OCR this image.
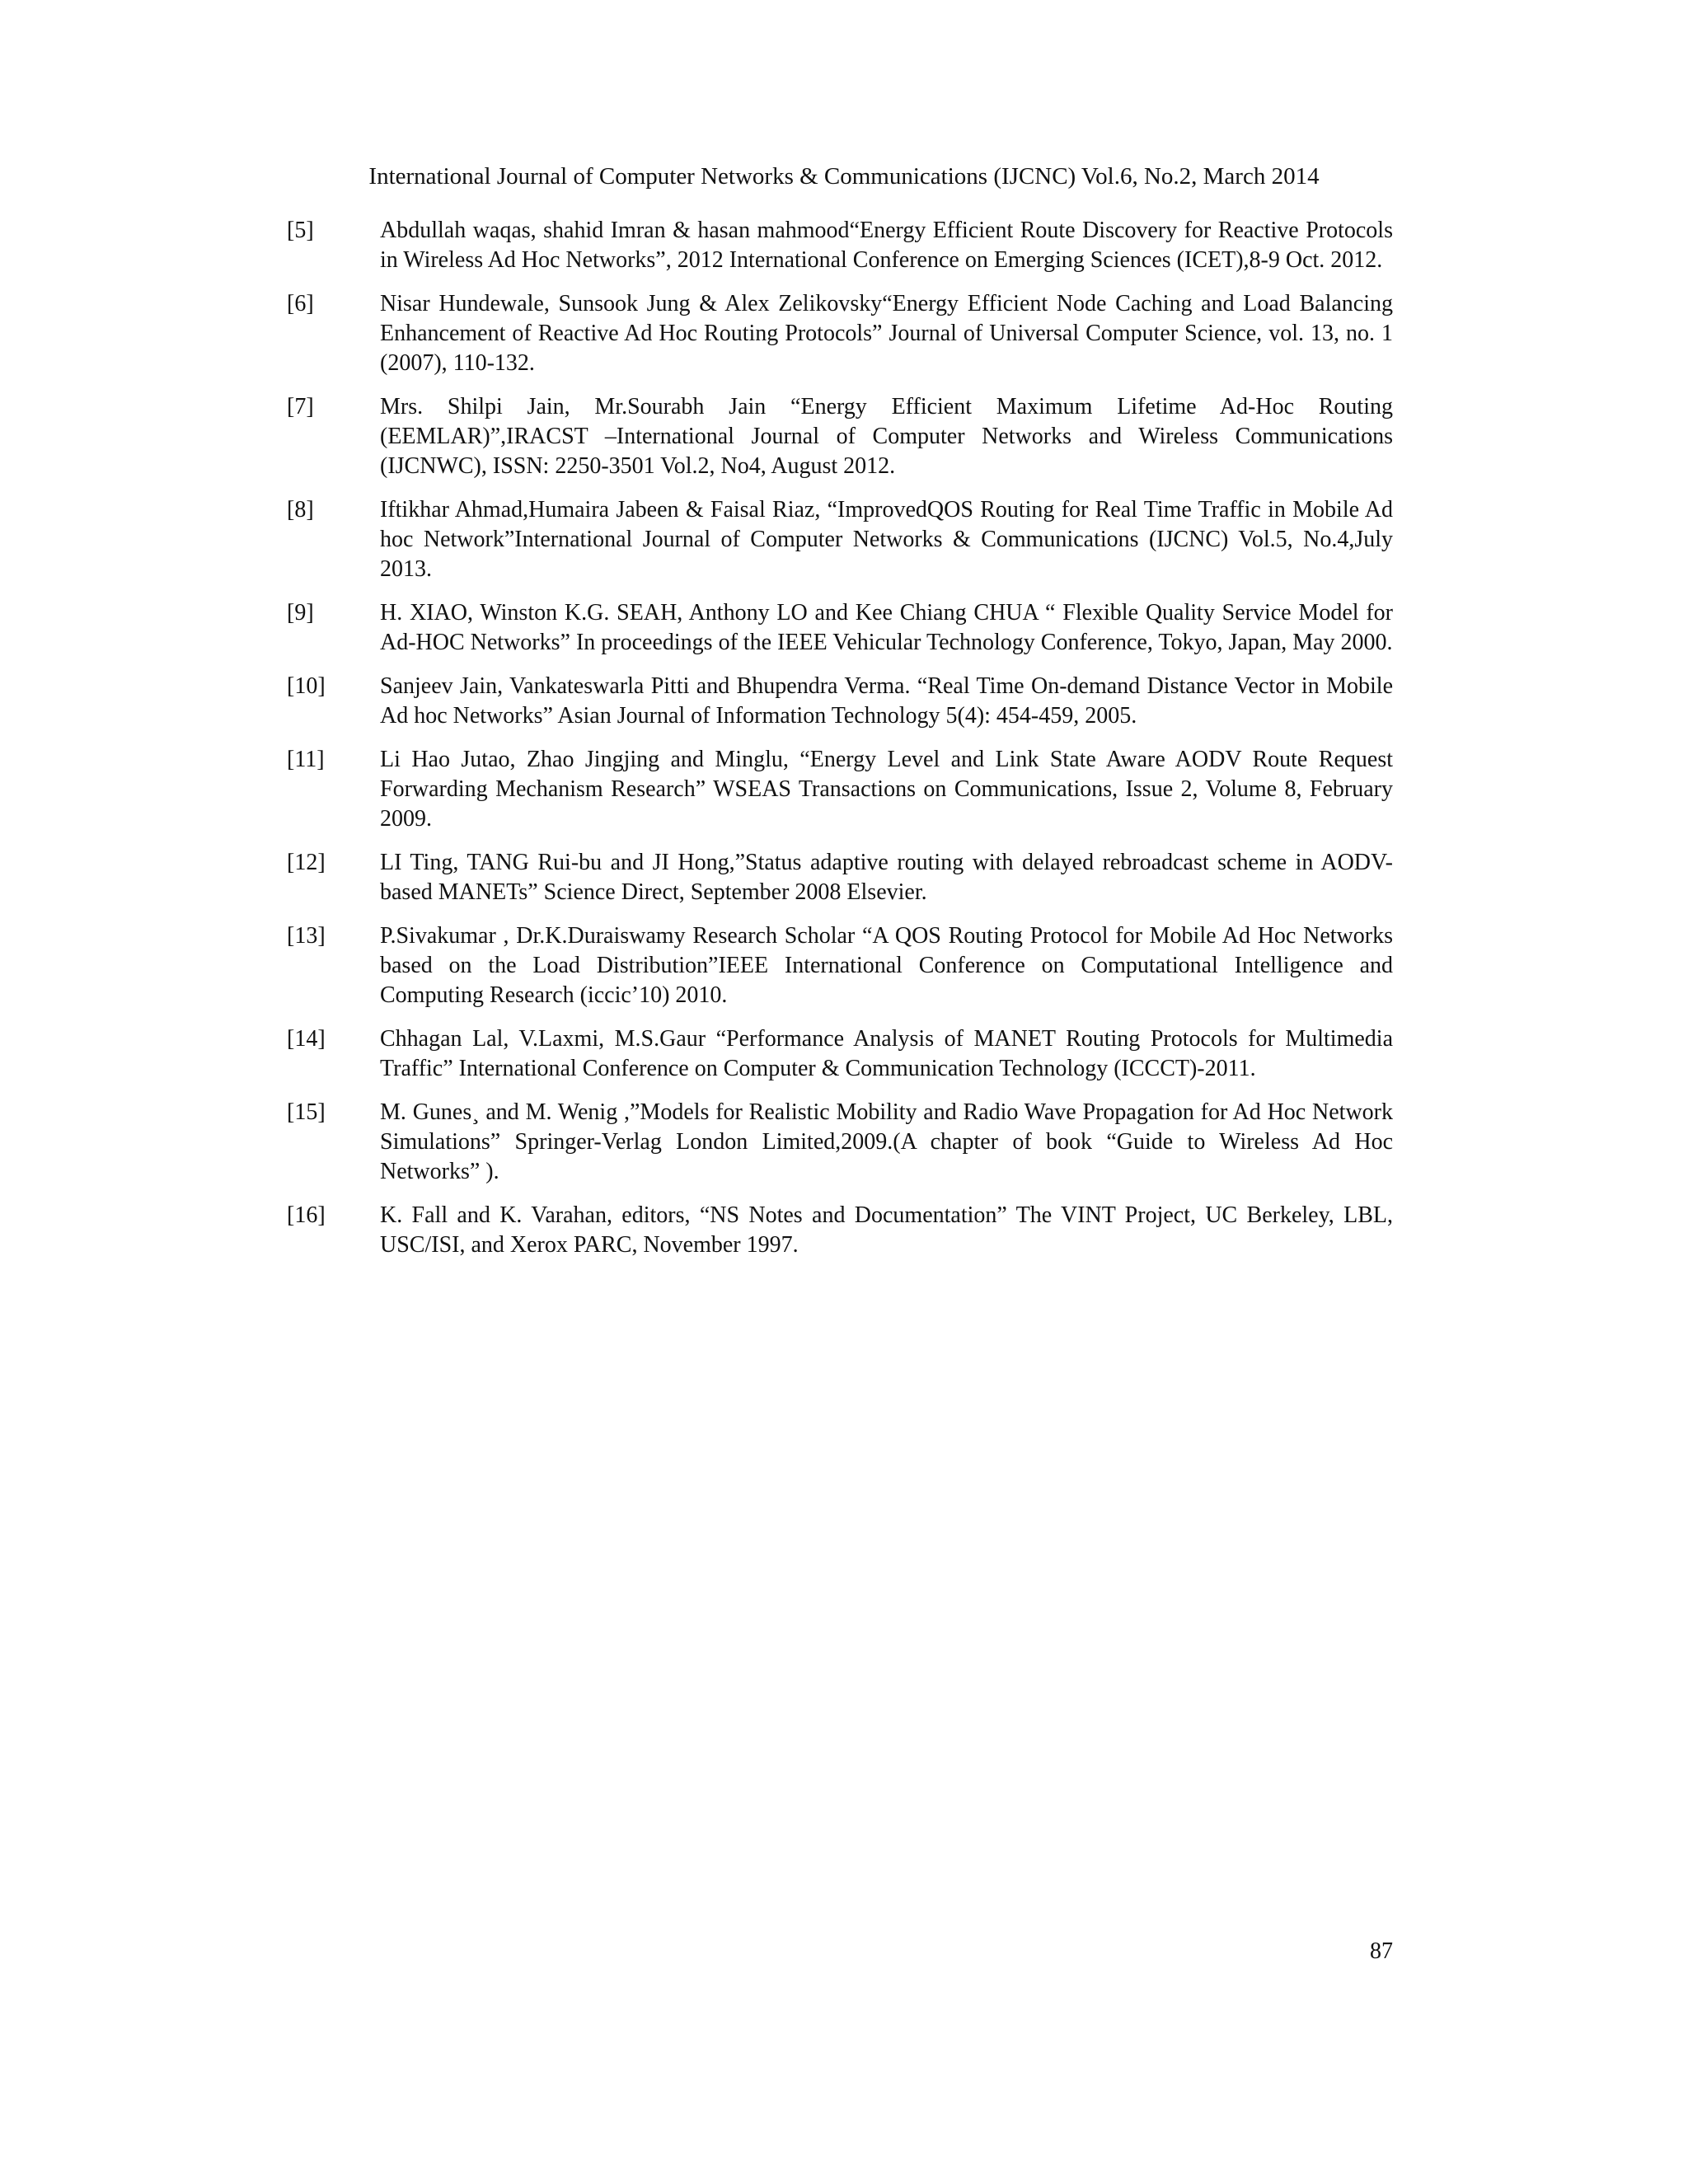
International Journal of Computer Networks & Communications (IJCNC) Vol.6, No.2, March 2014
[5]	Abdullah waqas, shahid Imran & hasan mahmood“Energy Efficient Route Discovery for Reactive Protocols in Wireless Ad Hoc Networks”, 2012 International Conference on Emerging Sciences (ICET),8-9 Oct. 2012.
[6]	Nisar Hundewale, Sunsook Jung & Alex Zelikovsky“Energy Efficient Node Caching and Load Balancing Enhancement of Reactive Ad Hoc Routing Protocols” Journal of Universal Computer Science, vol. 13, no. 1 (2007), 110-132.
[7]	Mrs. Shilpi Jain, Mr.Sourabh Jain “Energy Efficient Maximum Lifetime Ad-Hoc Routing (EEMLAR)”,IRACST –International Journal of Computer Networks and Wireless Communications (IJCNWC), ISSN: 2250-3501 Vol.2, No4, August 2012.
[8]	Iftikhar Ahmad,Humaira Jabeen & Faisal Riaz, “ImprovedQOS Routing for Real Time Traffic in Mobile Ad hoc Network”International Journal of Computer Networks & Communications (IJCNC) Vol.5, No.4,July 2013.
[9]	H. XIAO, Winston K.G. SEAH, Anthony LO and Kee Chiang CHUA “ Flexible Quality Service Model for Ad-HOC Networks” In proceedings of the IEEE Vehicular Technology Conference, Tokyo, Japan, May 2000.
[10]	Sanjeev Jain, Vankateswarla Pitti and Bhupendra Verma. “Real Time On-demand Distance Vector in Mobile Ad hoc Networks” Asian Journal of Information Technology 5(4): 454-459, 2005.
[11]	Li Hao Jutao, Zhao Jingjing and Minglu, “Energy Level and Link State Aware AODV Route Request Forwarding Mechanism Research” WSEAS Transactions on Communications, Issue 2, Volume 8, February 2009.
[12]	LI Ting, TANG Rui-bu and JI Hong,”Status adaptive routing with delayed rebroadcast scheme in AODV-based MANETs” Science Direct, September 2008 Elsevier.
[13]	P.Sivakumar , Dr.K.Duraiswamy Research Scholar “A QOS Routing Protocol for Mobile Ad Hoc Networks based on the Load Distribution”IEEE International Conference on Computational Intelligence and Computing Research (iccic’10) 2010.
[14]	Chhagan Lal, V.Laxmi, M.S.Gaur “Performance Analysis of MANET Routing Protocols for Multimedia Traffic” International Conference on Computer & Communication Technology (ICCCT)-2011.
[15]	M. Gunes¸ and M. Wenig ,”Models for Realistic Mobility and Radio Wave Propagation for Ad Hoc Network Simulations” Springer-Verlag London Limited,2009.(A chapter of book “Guide to Wireless Ad Hoc Networks” ).
[16]	K. Fall and K. Varahan, editors, “NS Notes and Documentation” The VINT Project, UC Berkeley, LBL, USC/ISI, and Xerox PARC, November 1997.
87
